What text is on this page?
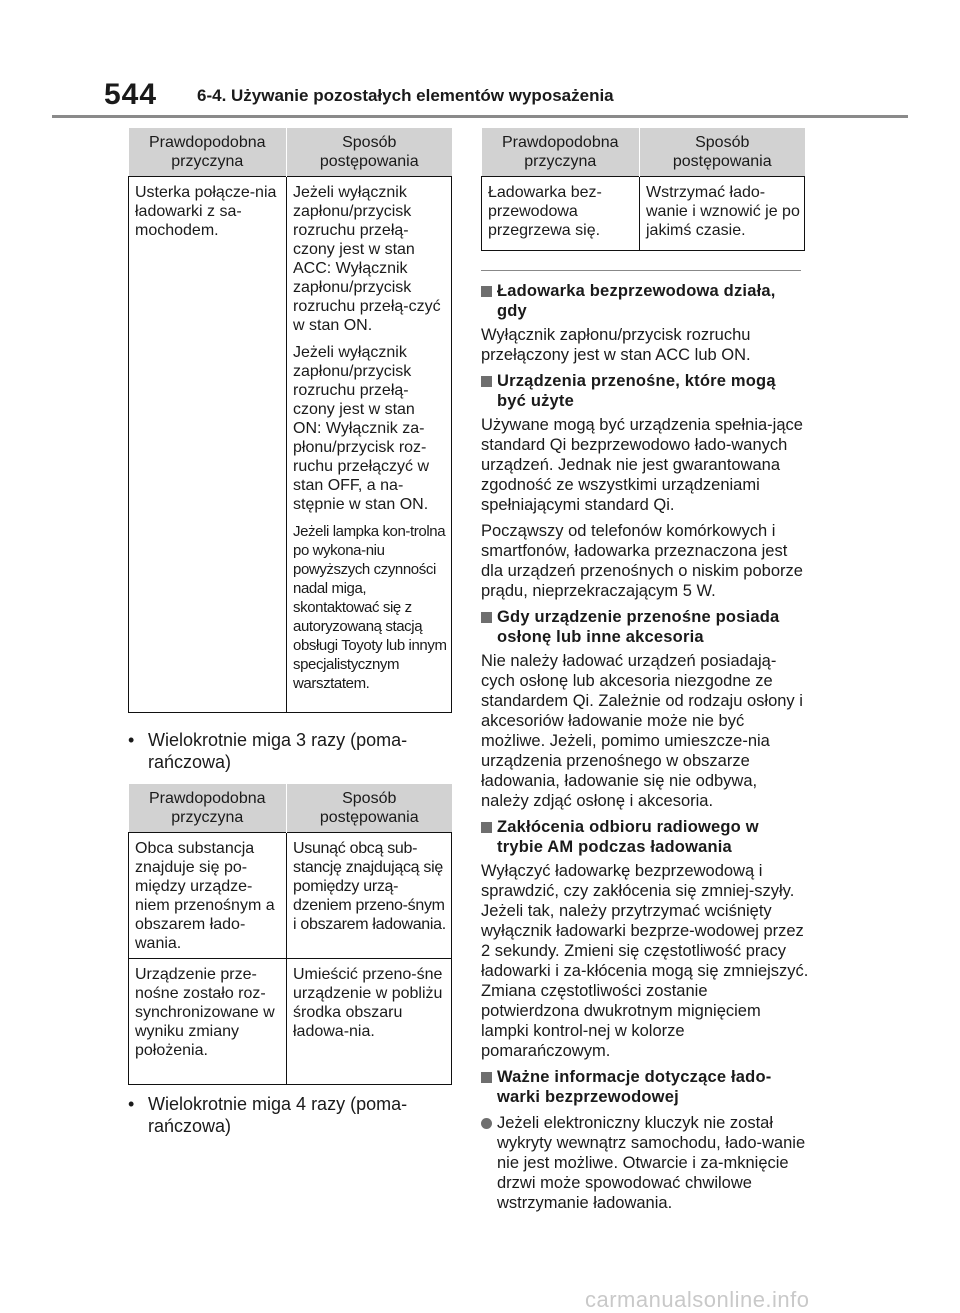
544 6-4. Używanie pozostałych elementów wyposażenia
Prawdopodobna przyczyna	Sposób postępowania
Usterka połącze-nia ładowarki z sa-mochodem.	Jeżeli wyłącznik zapłonu/przycisk rozruchu przełą-czony jest w stan ACC: Wyłącznik zapłonu/przycisk rozruchu przełą-czyć w stan ON.
Jeżeli wyłącznik zapłonu/przycisk rozruchu przełą-czony jest w stan ON: Wyłącznik za-płonu/przycisk roz-ruchu przełączyć w stan OFF, a na-stępnie w stan ON.
Jeżeli lampka kon-trolna po wykona-niu powyższych czynności nadal miga, skontaktować się z autoryzowaną stacją obsługi Toyoty lub innym specjalistycznym warsztatem.
• Wielokrotnie miga 3 razy (poma-rańczowa)
Prawdopodobna przyczyna	Sposób postępowania
Obca substancja znajduje się po-między urządze-niem przenośnym a obszarem łado-wania.	Usunąć obcą sub-stancję znajdującą się pomiędzy urzą-dzeniem przeno-śnym i obszarem ładowania.
Urządzenie prze-nośne zostało roz-synchronizowane w wyniku zmiany położenia.	Umieścić przeno-śne urządzenie w pobliżu środka obszaru ładowa-nia.
• Wielokrotnie miga 4 razy (poma-rańczowa)
Prawdopodobna przyczyna	Sposób postępowania
Ładowarka bez-przewodowa przegrzewa się.	Wstrzymać łado-wanie i wznowić je po jakimś czasie.
Ładowarka bezprzewodowa działa, gdy

Wyłącznik zapłonu/przycisk rozruchu przełączony jest w stan ACC lub ON.

Urządzenia przenośne, które mogą być użyte

Używane mogą być urządzenia spełnia-jące standard Qi bezprzewodowo łado-wanych urządzeń. Jednak nie jest gwarantowana zgodność ze wszystkimi urządzeniami spełniającymi standard Qi.

Począwszy od telefonów komórkowych i smartfonów, ładowarka przeznaczona jest dla urządzeń przenośnych o niskim poborze prądu, nieprzekraczającym 5 W.

Gdy urządzenie przenośne posiada osłonę lub inne akcesoria

Nie należy ładować urządzeń posiadają-cych osłonę lub akcesoria niezgodne ze standardem Qi. Zależnie od rodzaju osłony i akcesoriów ładowanie może nie być możliwe. Jeżeli, pomimo umieszcze-nia urządzenia przenośnego w obszarze ładowania, ładowanie się nie odbywa, należy zdjąć osłonę i akcesoria.

Zakłócenia odbioru radiowego w trybie AM podczas ładowania

Wyłączyć ładowarkę bezprzewodową i sprawdzić, czy zakłócenia się zmniej-szyły. Jeżeli tak, należy przytrzymać wciśnięty wyłącznik ładowarki bezprze-wodowej przez 2 sekundy. Zmieni się częstotliwość pracy ładowarki i za-kłócenia mogą się zmniejszyć. Zmiana częstotliwości zostanie potwierdzona dwukrotnym mignięciem lampki kontrol-nej w kolorze pomarańczowym.

Ważne informacje dotyczące łado-warki bezprzewodowej
Jeżeli elektroniczny kluczyk nie został wykryty wewnątrz samochodu, łado-wanie nie jest możliwe. Otwarcie i za-mknięcie drzwi może spowodować chwilowe wstrzymanie ładowania.
carmanualsonline.info
